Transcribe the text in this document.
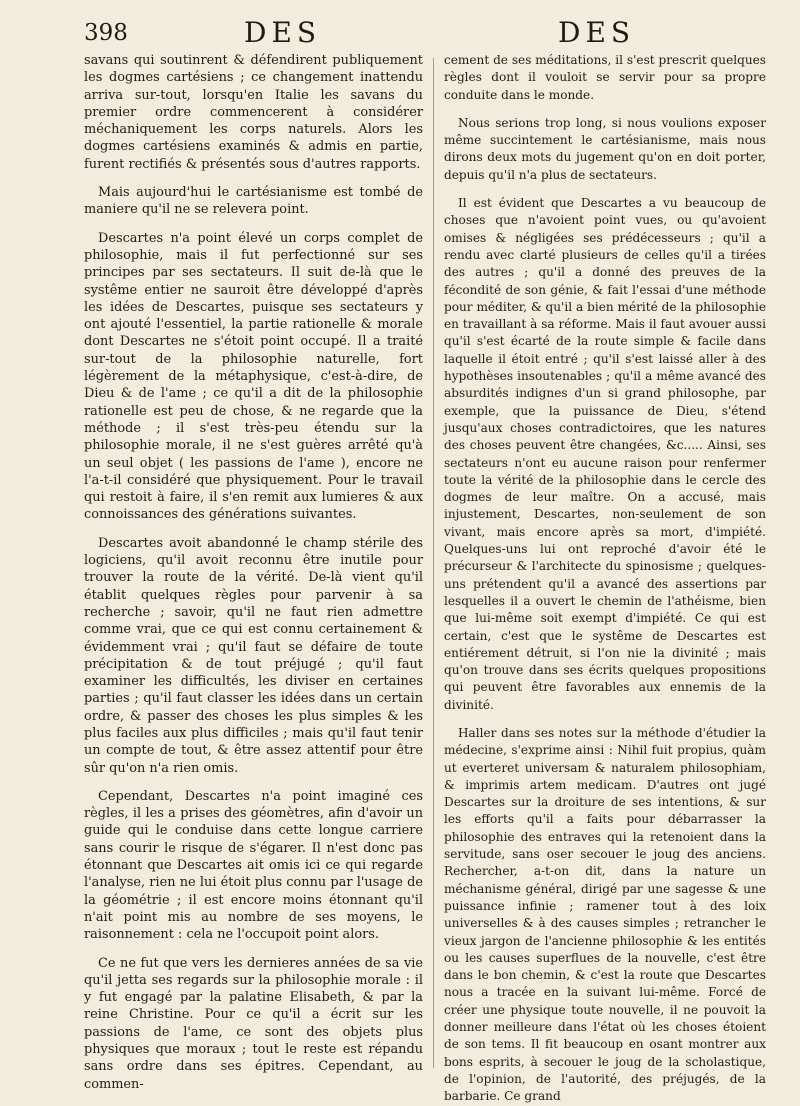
398	DES	DES

savans qui soutinrent & défendirent publiquement les dogmes cartésiens ; ce changement inattendu arriva sur-tout, lorsqu'en Italie les savans du premier ordre commencerent à considérer méchaniquement les corps naturels. Alors les dogmes cartésiens examinés & admis en partie, furent rectifiés & présentés sous d'autres rapports.

Mais aujourd'hui le cartésianisme est tombé de maniere qu'il ne se relevera point.

Descartes n'a point élevé un corps complet de philosophie, mais il fut perfectionné sur ses principes par ses sectateurs. Il suit de-là que le systême entier ne sauroit être développé d'après les idées de Descartes, puisque ses sectateurs y ont ajouté l'essentiel, la partie rationelle & morale dont Descartes ne s'étoit point occupé. Il a traité sur-tout de la philosophie naturelle, fort légèrement de la métaphysique, c'est-à-dire, de Dieu & de l'ame ; ce qu'il a dit de la philosophie rationelle est peu de chose, & ne regarde que la méthode ; il s'est très-peu étendu sur la philosophie morale, il ne s'est guères arrêté qu'à un seul objet ( les passions de l'ame ), encore ne l'a-t-il considéré que physiquement. Pour le travail qui restoit à faire, il s'en remit aux lumieres & aux connoissances des générations suivantes.

Descartes avoit abandonné le champ stérile des logiciens, qu'il avoit reconnu être inutile pour trouver la route de la vérité. De-là vient qu'il établit quelques règles pour parvenir à sa recherche ; savoir, qu'il ne faut rien admettre comme vrai, que ce qui est connu certainement & évidemment vrai ; qu'il faut se défaire de toute précipitation & de tout préjugé ; qu'il faut examiner les difficultés, les diviser en certaines parties ; qu'il faut classer les idées dans un certain ordre, & passer des choses les plus simples & les plus faciles aux plus difficiles ; mais qu'il faut tenir un compte de tout, & être assez attentif pour être sûr qu'on n'a rien omis.

Cependant, Descartes n'a point imaginé ces règles, il les a prises des géomètres, afin d'avoir un guide qui le conduise dans cette longue carriere sans courir le risque de s'égarer. Il n'est donc pas étonnant que Descartes ait omis ici ce qui regarde l'analyse, rien ne lui étoit plus connu par l'usage de la géométrie ; il est encore moins étonnant qu'il n'ait point mis au nombre de ses moyens, le raisonnement : cela ne l'occupoit point alors.

Ce ne fut que vers les dernieres années de sa vie qu'il jetta ses regards sur la philosophie morale : il y fut engagé par la palatine Elisabeth, & par la reine Christine. Pour ce qu'il a écrit sur les passions de l'ame, ce sont des objets plus physiques que moraux ; tout le reste est répandu sans ordre dans ses épitres. Cependant, au commen-

cement de ses méditations, il s'est prescrit quelques règles dont il vouloit se servir pour sa propre conduite dans le monde.

Nous serions trop long, si nous voulions exposer même succintement le cartésianisme, mais nous dirons deux mots du jugement qu'on en doit porter, depuis qu'il n'a plus de sectateurs.

Il est évident que Descartes a vu beaucoup de choses que n'avoient point vues, ou qu'avoient omises & négligées ses prédécesseurs ; qu'il a rendu avec clarté plusieurs de celles qu'il a tirées des autres ; qu'il a donné des preuves de la fécondité de son génie, & fait l'essai d'une méthode pour méditer, & qu'il a bien mérité de la philosophie en travaillant à sa réforme. Mais il faut avouer aussi qu'il s'est écarté de la route simple & facile dans laquelle il étoit entré ; qu'il s'est laissé aller à des hypothèses insoutenables ; qu'il a même avancé des absurdités indignes d'un si grand philosophe, par exemple, que la puissance de Dieu, s'étend jusqu'aux choses contradictoires, que les natures des choses peuvent être changées, &c..... Ainsi, ses sectateurs n'ont eu aucune raison pour renfermer toute la vérité de la philosophie dans le cercle des dogmes de leur maître. On a accusé, mais injustement, Descartes, non-seulement de son vivant, mais encore après sa mort, d'impiété. Quelques-uns lui ont reproché d'avoir été le précurseur & l'architecte du spinosisme ; quelques-uns prétendent qu'il a avancé des assertions par lesquelles il a ouvert le chemin de l'athéisme, bien que lui-même soit exempt d'impiété. Ce qui est certain, c'est que le systême de Descartes est entiérement détruit, si l'on nie la divinité ; mais qu'on trouve dans ses écrits quelques propositions qui peuvent être favorables aux ennemis de la divinité.

Haller dans ses notes sur la méthode d'étudier la médecine, s'exprime ainsi : Nihil fuit propius, quàm ut everteret universam & naturalem philosophiam, & imprimis artem medicam. D'autres ont jugé Descartes sur la droiture de ses intentions, & sur les efforts qu'il a faits pour débarrasser la philosophie des entraves qui la retenoient dans la servitude, sans oser secouer le joug des anciens. Rechercher, a-t-on dit, dans la nature un méchanisme général, dirigé par une sagesse & une puissance infinie ; ramener tout à des loix universelles & à des causes simples ; retrancher le vieux jargon de l'ancienne philosophie & les entités ou les causes superflues de la nouvelle, c'est être dans le bon chemin, & c'est la route que Descartes nous a tracée en la suivant lui-même. Forcé de créer une physique toute nouvelle, il ne pouvoit la donner meilleure dans l'état où les choses étoient de son tems. Il fit beaucoup en osant montrer aux bons esprits, à secouer le joug de la scholastique, de l'opinion, de l'autorité, des préjugés, de la barbarie. Ce grand
